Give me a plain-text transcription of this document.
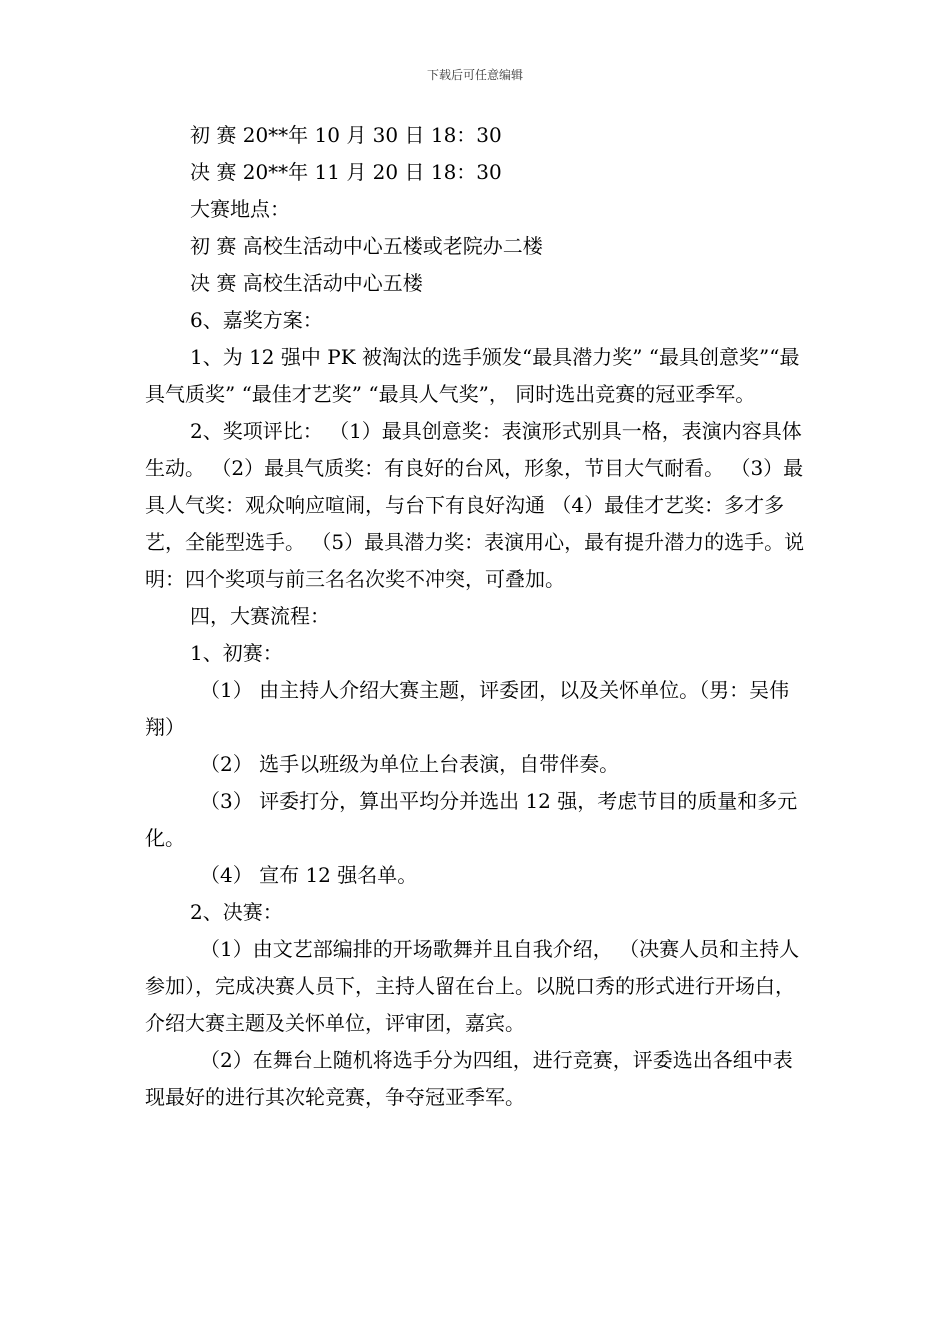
下载后可任意编辑

初 赛 20**年 10 月 30 日 18：30

决 赛 20**年 11 月 20 日 18：30

大赛地点：

初 赛 高校生活动中心五楼或老院办二楼

决 赛 高校生活动中心五楼

6、嘉奖方案：

1、为 12 强中 PK 被淘汰的选手颁发“最具潜力奖” “最具创意奖”“最具气质奖” “最佳才艺奖” “最具人气奖”， 同时选出竞赛的冠亚季军。

2、奖项评比： （1）最具创意奖：表演形式别具一格，表演内容具体生动。 （2）最具气质奖：有良好的台风，形象，节目大气耐看。 （3）最具人气奖：观众响应喧闹，与台下有良好沟通 （4）最佳才艺奖：多才多艺，全能型选手。 （5）最具潜力奖：表演用心，最有提升潜力的选手。说明：四个奖项与前三名名次奖不冲突，可叠加。

四，大赛流程：

1、初赛：

（1） 由主持人介绍大赛主题，评委团，以及关怀单位。（男：吴伟翔）

（2） 选手以班级为单位上台表演，自带伴奏。

（3） 评委打分，算出平均分并选出 12 强，考虑节目的质量和多元化。

（4） 宣布 12 强名单。

2、决赛：

（1）由文艺部编排的开场歌舞并且自我介绍， （决赛人员和主持人参加），完成决赛人员下，主持人留在台上。以脱口秀的形式进行开场白，介绍大赛主题及关怀单位，评审团，嘉宾。

（2）在舞台上随机将选手分为四组，进行竞赛，评委选出各组中表现最好的进行其次轮竞赛，争夺冠亚季军。
